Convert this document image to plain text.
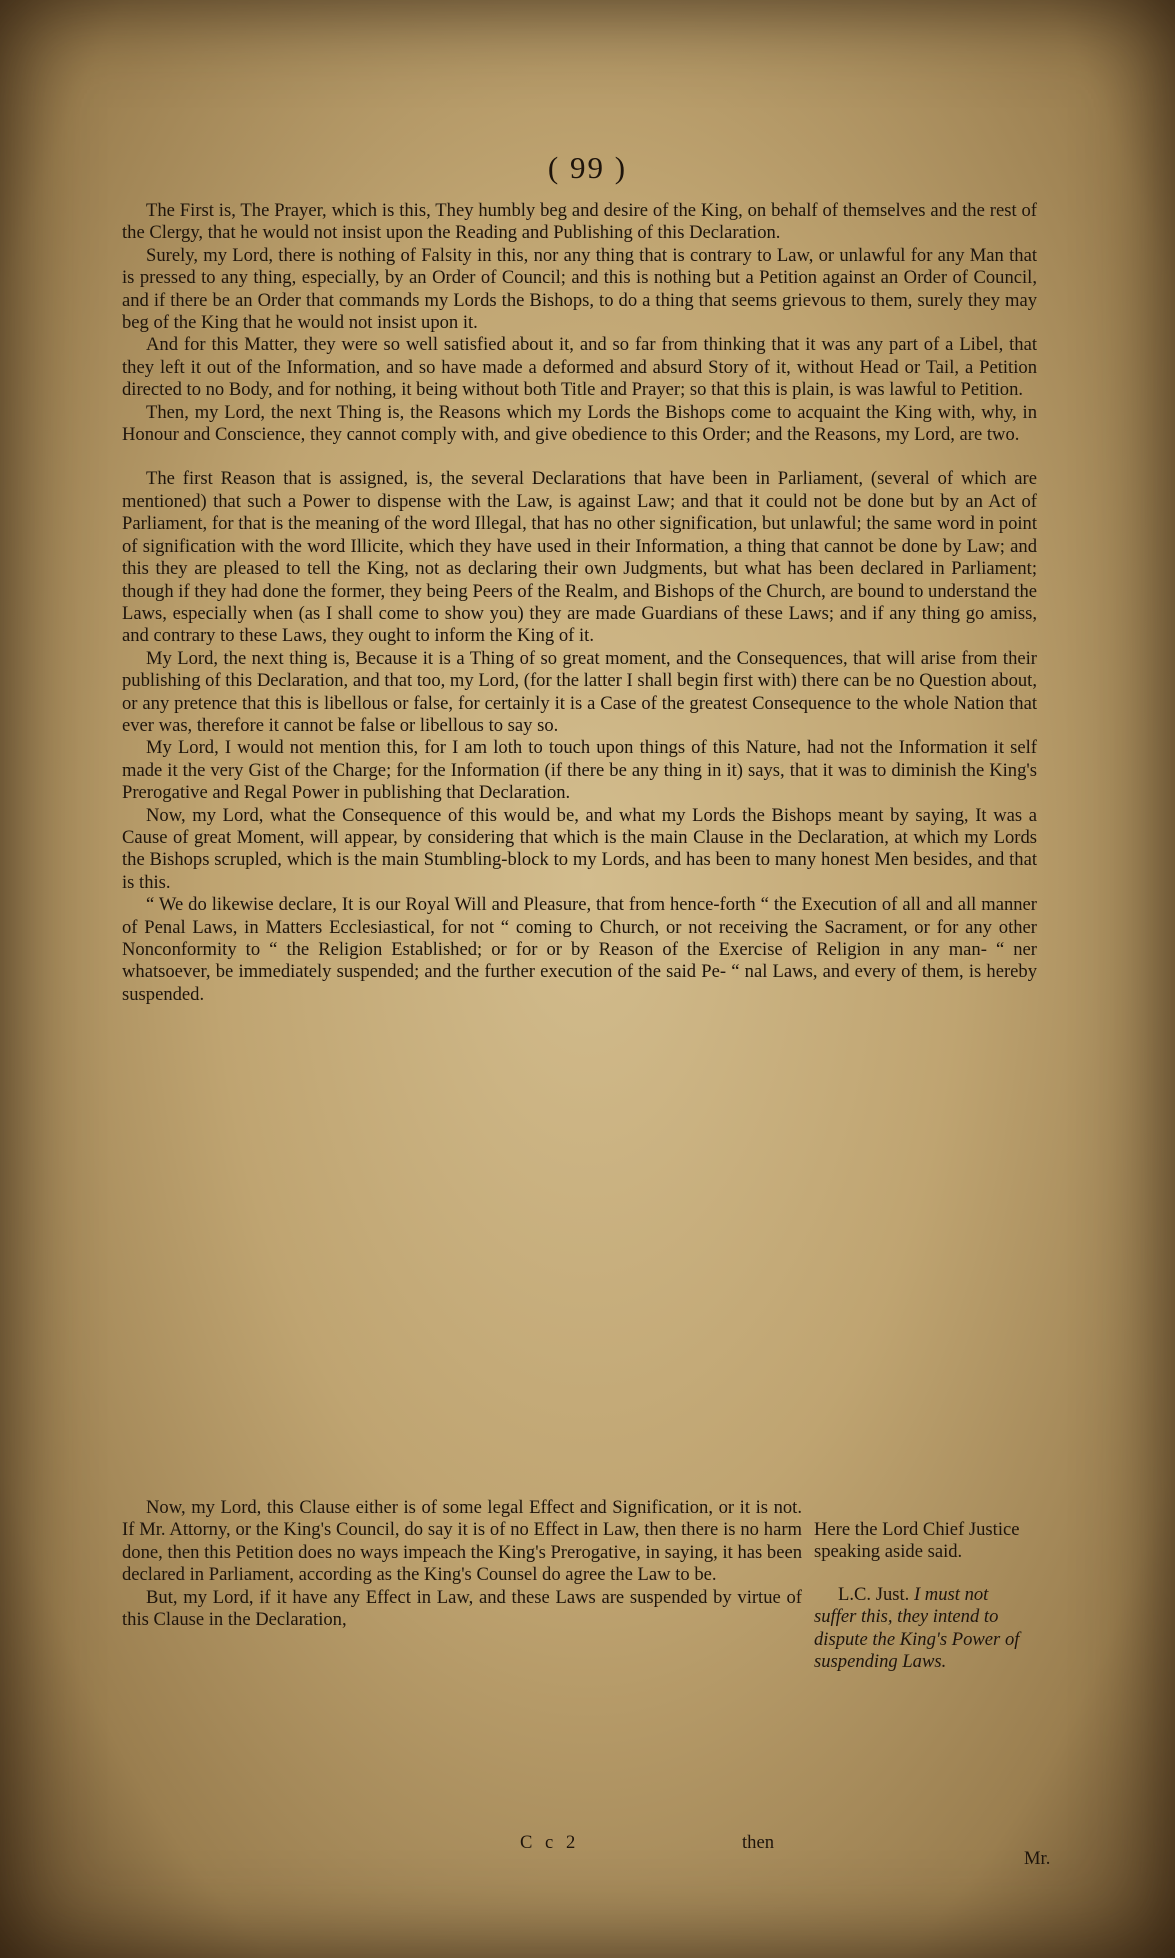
( 99 )

The First is, The Prayer, which is this, They humbly beg and desire of the King, on behalf of themselves and the rest of the Clergy, that he would not insist upon the Reading and Publishing of this Declaration.

Surely, my Lord, there is nothing of Falsity in this, nor any thing that is contrary to Law, or unlawful for any Man that is pressed to any thing, especially, by an Order of Council; and this is nothing but a Petition against an Order of Council, and if there be an Order that commands my Lords the Bishops, to do a thing that seems grievous to them, surely they may beg of the King that he would not insist upon it.

And for this Matter, they were so well satisfied about it, and so far from thinking that it was any part of a Libel, that they left it out of the Information, and so have made a deformed and absurd Story of it, without Head or Tail, a Petition directed to no Body, and for nothing, it being without both Title and Prayer; so that this is plain, is was lawful to Petition.

Then, my Lord, the next Thing is, the Reasons which my Lords the Bishops come to acquaint the King with, why, in Honour and Conscience, they cannot comply with, and give obedience to this Order; and the Reasons, my Lord, are two.

The first Reason that is assigned, is, the several Declarations that have been in Parliament, (several of which are mentioned) that such a Power to dispense with the Law, is against Law; and that it could not be done but by an Act of Parliament, for that is the meaning of the word Illegal, that has no other signification, but unlawful; the same word in point of signification with the word Illicite, which they have used in their Information, a thing that cannot be done by Law; and this they are pleased to tell the King, not as declaring their own Judgments, but what has been declared in Parliament; though if they had done the former, they being Peers of the Realm, and Bishops of the Church, are bound to understand the Laws, especially when (as I shall come to show you) they are made Guardians of these Laws; and if any thing go amiss, and contrary to these Laws, they ought to inform the King of it.

My Lord, the next thing is, Because it is a Thing of so great moment, and the Consequences, that will arise from their publishing of this Declaration, and that too, my Lord, (for the latter I shall begin first with) there can be no Question about, or any pretence that this is libellous or false, for certainly it is a Case of the greatest Consequence to the whole Nation that ever was, therefore it cannot be false or libellous to say so.

My Lord, I would not mention this, for I am loth to touch upon things of this Nature, had not the Information it self made it the very Gist of the Charge; for the Information (if there be any thing in it) says, that it was to diminish the King's Prerogative and Regal Power in publishing that Declaration.

Now, my Lord, what the Consequence of this would be, and what my Lords the Bishops meant by saying, It was a Cause of great Moment, will appear, by considering that which is the main Clause in the Declaration, at which my Lords the Bishops scrupled, which is the main Stumbling-block to my Lords, and has been to many honest Men besides, and that is this.

“ We do likewise declare, It is our Royal Will and Pleasure, that from hence-forth “ the Execution of all and all manner of Penal Laws, in Matters Ecclesiastical, for not “ coming to Church, or not receiving the Sacrament, or for any other Nonconformity to “ the Religion Established; or for or by Reason of the Exercise of Religion in any man‑ “ ner whatsoever, be immediately suspended; and the further execution of the said Pe‑ “ nal Laws, and every of them, is hereby suspended.

Now, my Lord, this Clause either is of some legal Effect and Signification, or it is not. If Mr. Attorny, or the King's Council, do say it is of no Effect in Law, then there is no harm done, then this Petition does no ways impeach the King's Prerogative, in saying, it has been declared in Parliament, according as the King's Counsel do agree the Law to be.

But, my Lord, if it have any Effect in Law, and these Laws are suspended by virtue of this Clause in the Declaration,

Here the Lord Chief Justice speaking aside said.

L.C. Just. I must not suffer this, they intend to dispute the King's Power of suspending Laws.

C c 2	then
Mr.
